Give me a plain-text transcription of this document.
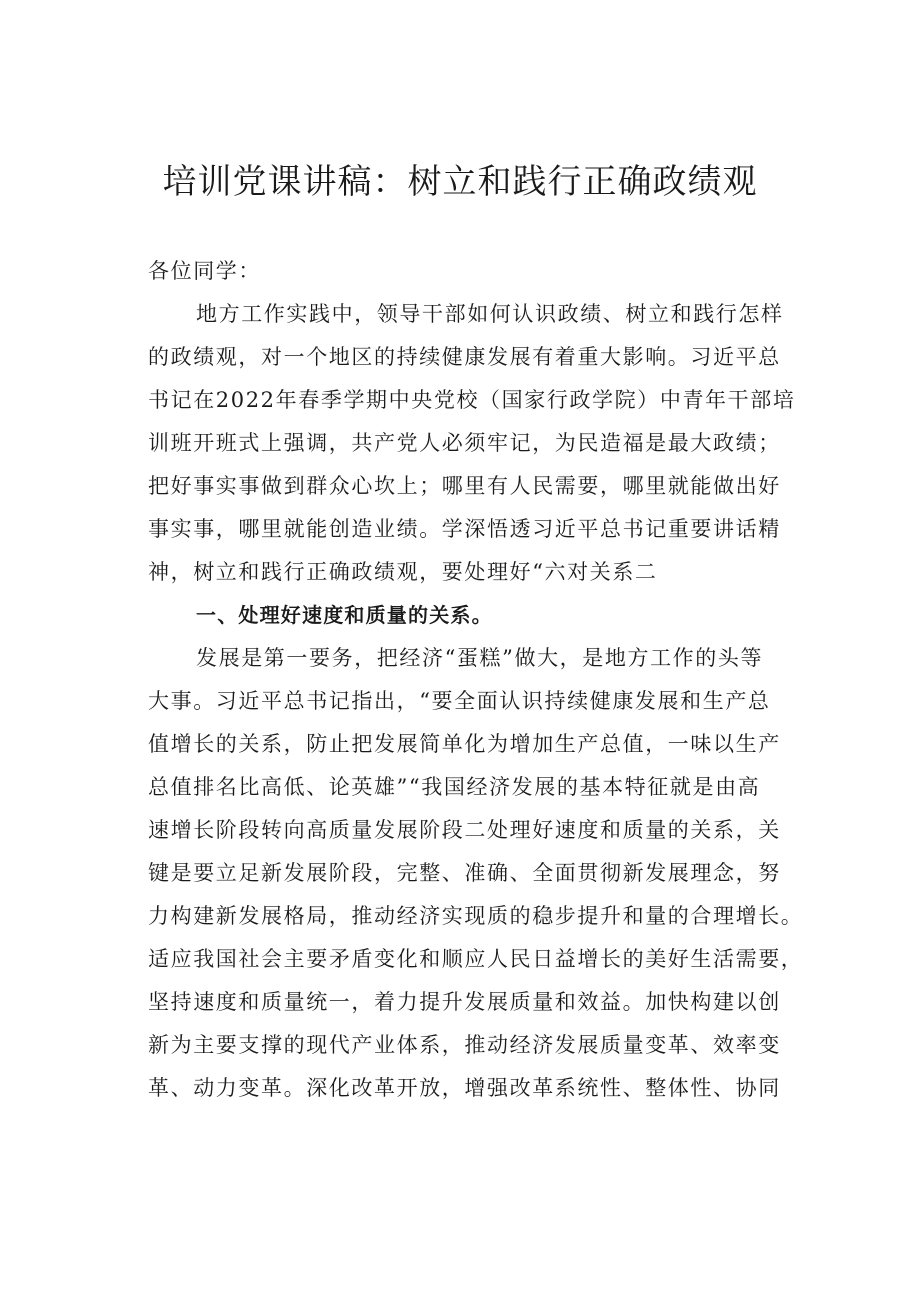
培训党课讲稿：树立和践行正确政绩观
各位同学：
地方工作实践中，领导干部如何认识政绩、树立和践行怎样
的政绩观，对一个地区的持续健康发展有着重大影响。习近平总
书记在2022年春季学期中央党校（国家行政学院）中青年干部培
训班开班式上强调，共产党人必须牢记，为民造福是最大政绩；
把好事实事做到群众心坎上；哪里有人民需要，哪里就能做出好
事实事，哪里就能创造业绩。学深悟透习近平总书记重要讲话精
神，树立和践行正确政绩观，要处理好“六对关系二
一、处理好速度和质量的关系。
发展是第一要务，把经济“蛋糕”做大，是地方工作的头等
大事。习近平总书记指出，“要全面认识持续健康发展和生产总
值增长的关系，防止把发展简单化为增加生产总值，一味以生产
总值排名比高低、论英雄”“我国经济发展的基本特征就是由高
速增长阶段转向高质量发展阶段二处理好速度和质量的关系，关
键是要立足新发展阶段，完整、准确、全面贯彻新发展理念，努
力构建新发展格局，推动经济实现质的稳步提升和量的合理增长。
适应我国社会主要矛盾变化和顺应人民日益增长的美好生活需要，
坚持速度和质量统一，着力提升发展质量和效益。加快构建以创
新为主要支撑的现代产业体系，推动经济发展质量变革、效率变
革、动力变革。深化改革开放，增强改革系统性、整体性、协同
